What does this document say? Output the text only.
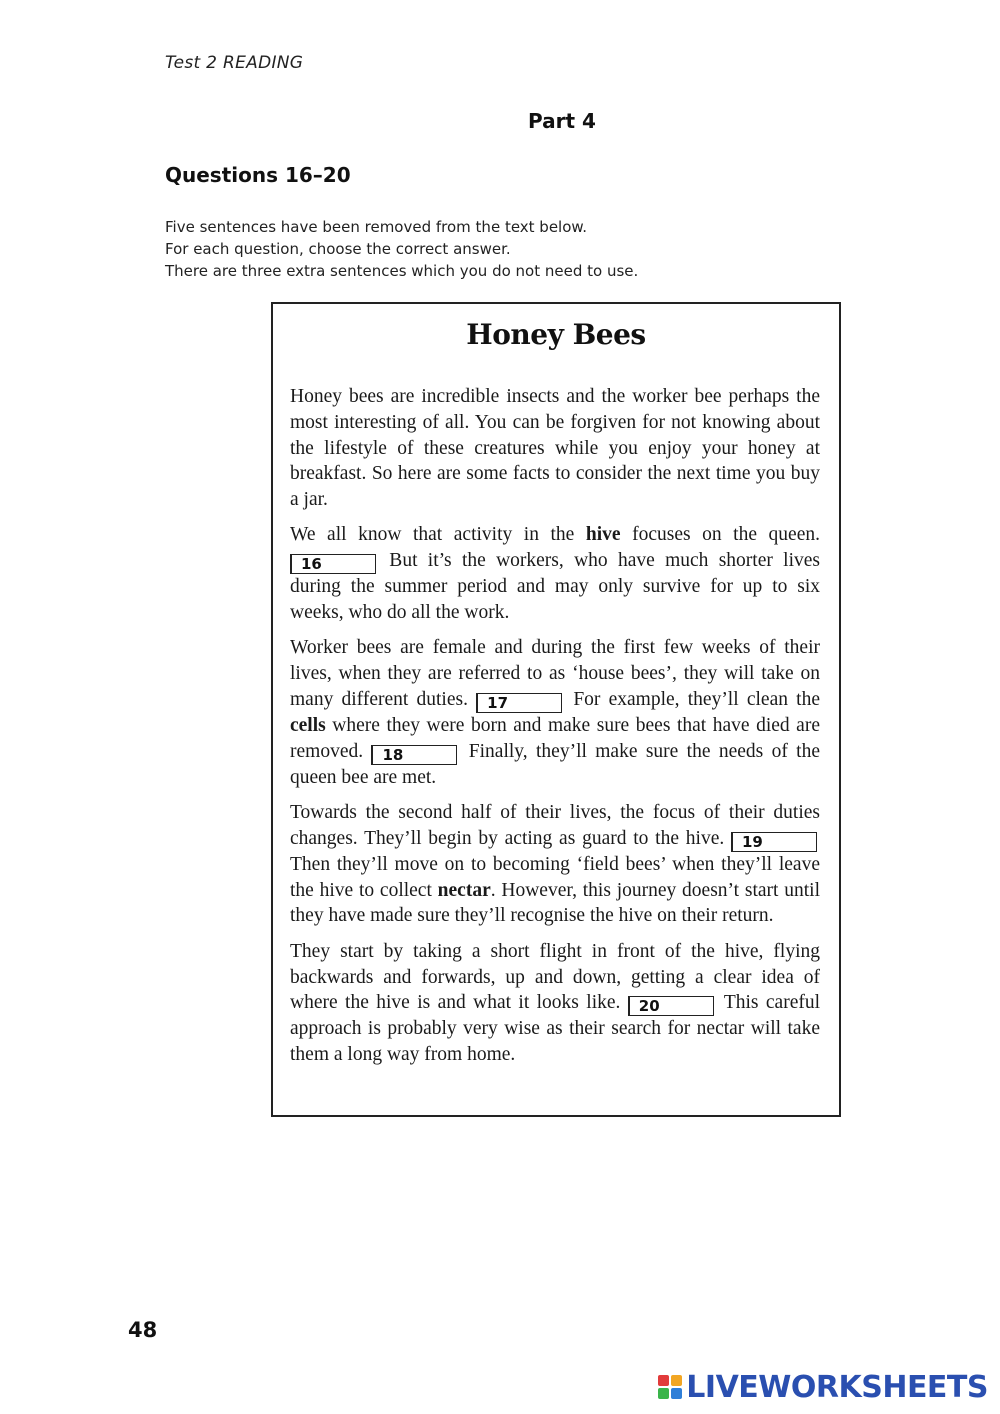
Test 2 READING
Part 4
Questions 16–20
Five sentences have been removed from the text below.
For each question, choose the correct answer.
There are three extra sentences which you do not need to use.
Honey Bees

Honey bees are incredible insects and the worker bee perhaps the most interesting of all. You can be forgiven for not knowing about the lifestyle of these creatures while you enjoy your honey at breakfast. So here are some facts to consider the next time you buy a jar.

We all know that activity in the hive focuses on the queen. 16	But it’s the workers, who have much shorter lives during the summer period and may only survive for up to six weeks, who do all the work.

Worker bees are female and during the first few weeks of their lives, when they are referred to as ‘house bees’, they will take on many different duties. 17	For example, they’ll clean the cells where they were born and make sure bees that have died are removed. 18	Finally, they’ll make sure the needs of the queen bee are met.

Towards the second half of their lives, the focus of their duties changes. They’ll begin by acting as guard to the hive. 19 Then they’ll move on to becoming ‘field bees’ when they’ll leave the hive to collect nectar. However, this journey doesn’t start until they have made sure they’ll recognise the hive on their return.

They start by taking a short flight in front of the hive, flying backwards and forwards, up and down, getting a clear idea of where the hive is and what it looks like. 20	This careful approach is probably very wise as their search for nectar will take them a long way from home.

48
LIVEWORKSHEETS
